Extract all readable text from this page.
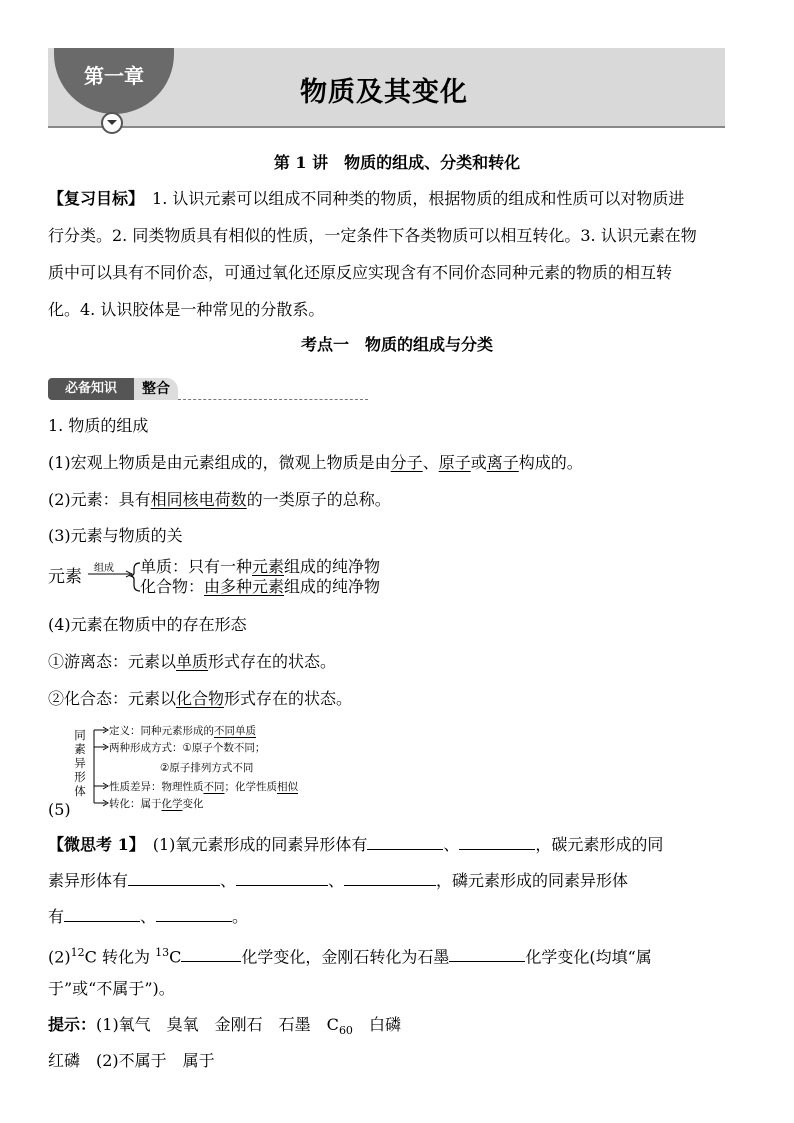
第一章
物质及其变化
第 1 讲　物质的组成、分类和转化
【复习目标】　1. 认识元素可以组成不同种类的物质，根据物质的组成和性质可以对物质进
行分类。2. 同类物质具有相似的性质，一定条件下各类物质可以相互转化。3. 认识元素在物
质中可以具有不同价态，可通过氧化还原反应实现含有不同价态同种元素的物质的相互转
化。4. 认识胶体是一种常见的分散系。
考点一　物质的组成与分类
必备知识	整合
1. 物质的组成
(1)宏观上物质是由元素组成的，微观上物质是由分子、原子或离子构成的。
(2)元素：具有相同核电荷数的一类原子的总称。
(3)元素与物质的关
元素 组成 单质：只有一种元素组成的纯净物
化合物：由多种元素组成的纯净物
(4)元素在物质中的存在形态
①游离态：元素以单质形式存在的状态。
②化合态：元素以化合物形式存在的状态。
同
素
异
形
体
定义：同种元素形成的不同单质
两种形成方式：①原子个数不同；
②原子排列方式不同
性质差异：物理性质不同；化学性质相似
转化：属于化学变化
(5)
【微思考 1】　(1)氧元素形成的同素异形体有	、	，碳元素形成的同
素异形体有	、	、	，磷元素形成的同素异形体
有	、	。
$(2)^{12}C$ 转化为 $^{13}$C	化学变化，金刚石转化为石墨	化学变化(均填“属
于”或“不属于”)。
提示：(1)氧气　臭氧　金刚石　石墨　$C_{60}$　白磷
红磷　(2)不属于　属于
